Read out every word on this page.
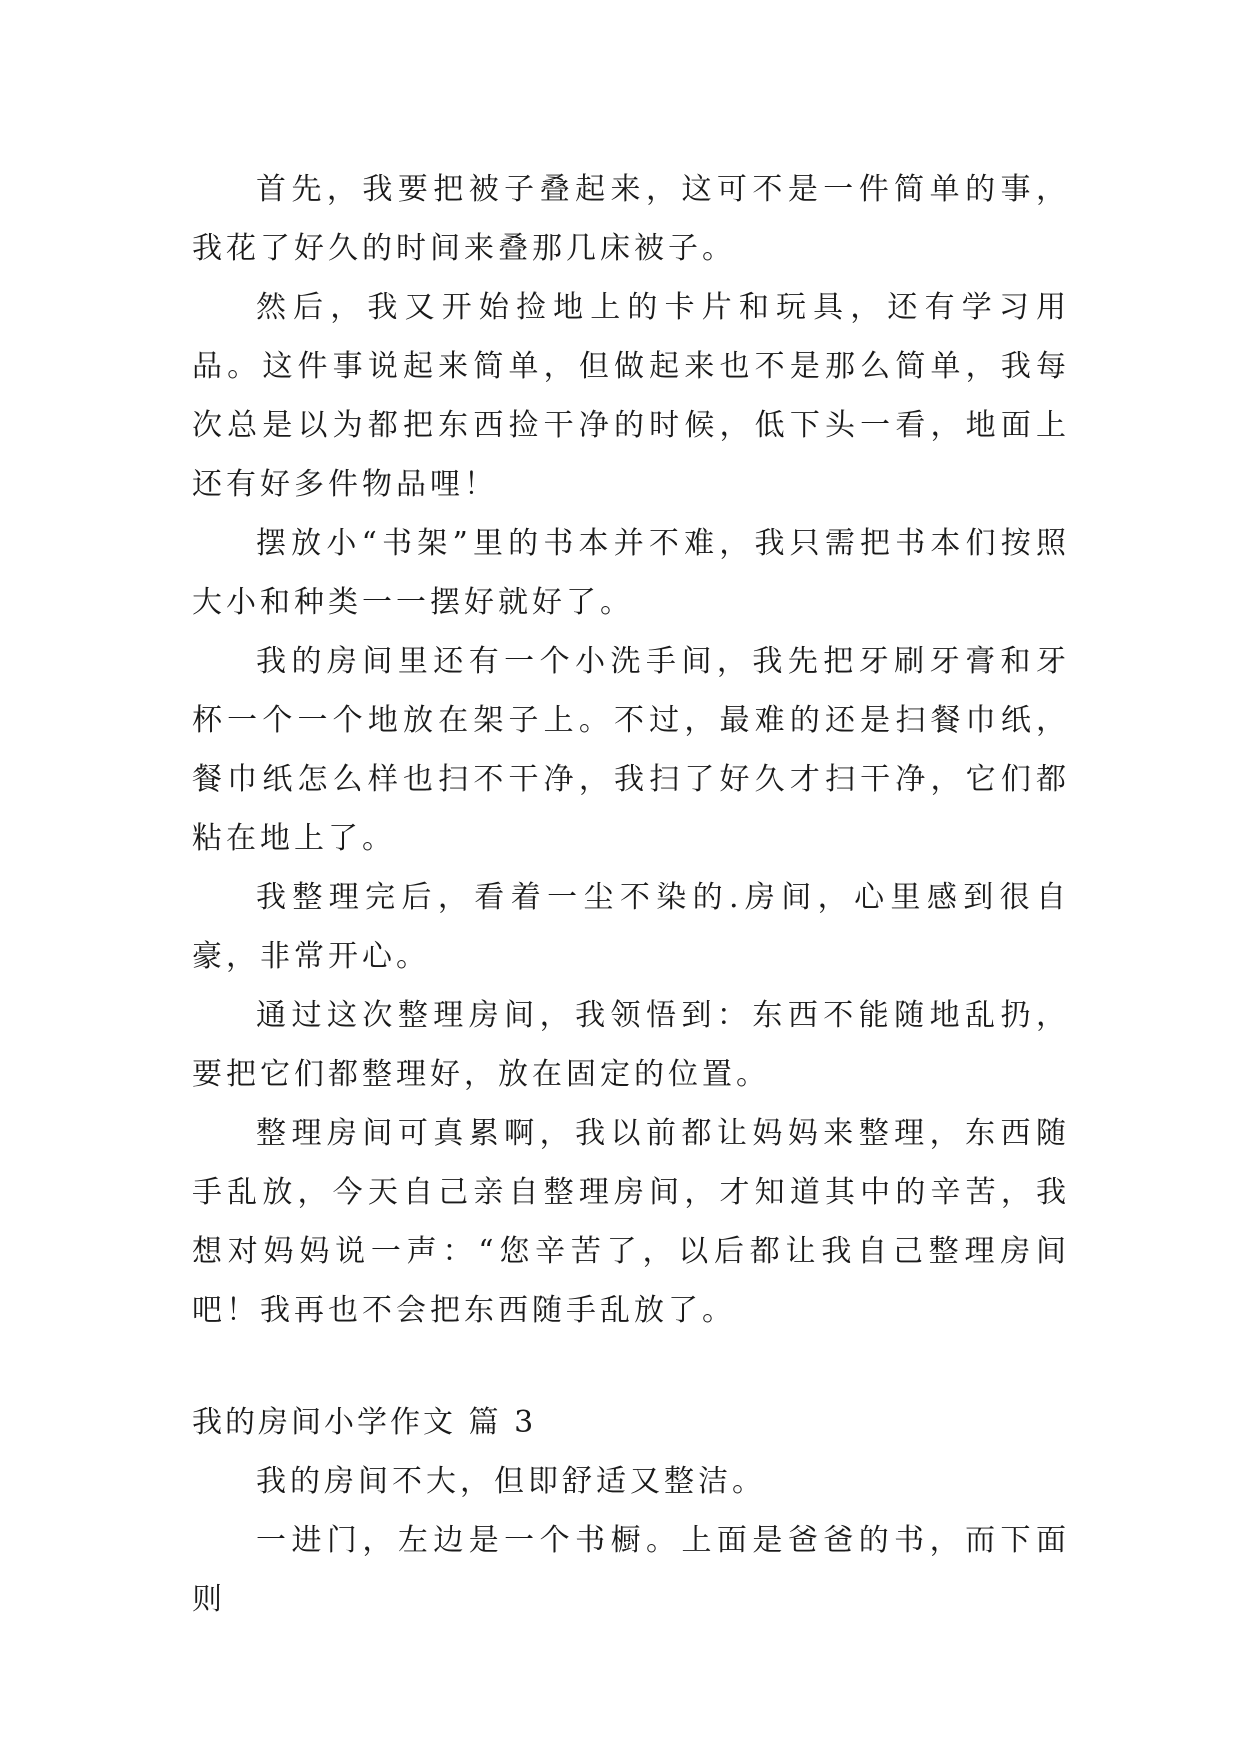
首先，我要把被子叠起来，这可不是一件简单的事，我花了好久的时间来叠那几床被子。

然后，我又开始捡地上的卡片和玩具，还有学习用品。这件事说起来简单，但做起来也不是那么简单，我每次总是以为都把东西捡干净的时候，低下头一看，地面上还有好多件物品哩！

摆放小“书架”里的书本并不难，我只需把书本们按照大小和种类一一摆好就好了。

我的房间里还有一个小洗手间，我先把牙刷牙膏和牙杯一个一个地放在架子上。不过，最难的还是扫餐巾纸，餐巾纸怎么样也扫不干净，我扫了好久才扫干净，它们都粘在地上了。

我整理完后，看着一尘不染的.房间，心里感到很自豪，非常开心。

通过这次整理房间，我领悟到：东西不能随地乱扔，要把它们都整理好，放在固定的位置。

整理房间可真累啊，我以前都让妈妈来整理，东西随手乱放，今天自己亲自整理房间，才知道其中的辛苦，我想对妈妈说一声：“您辛苦了，以后都让我自己整理房间吧！我再也不会把东西随手乱放了。

我的房间小学作文 篇 3

我的房间不大，但即舒适又整洁。

一进门，左边是一个书橱。上面是爸爸的书，而下面则
